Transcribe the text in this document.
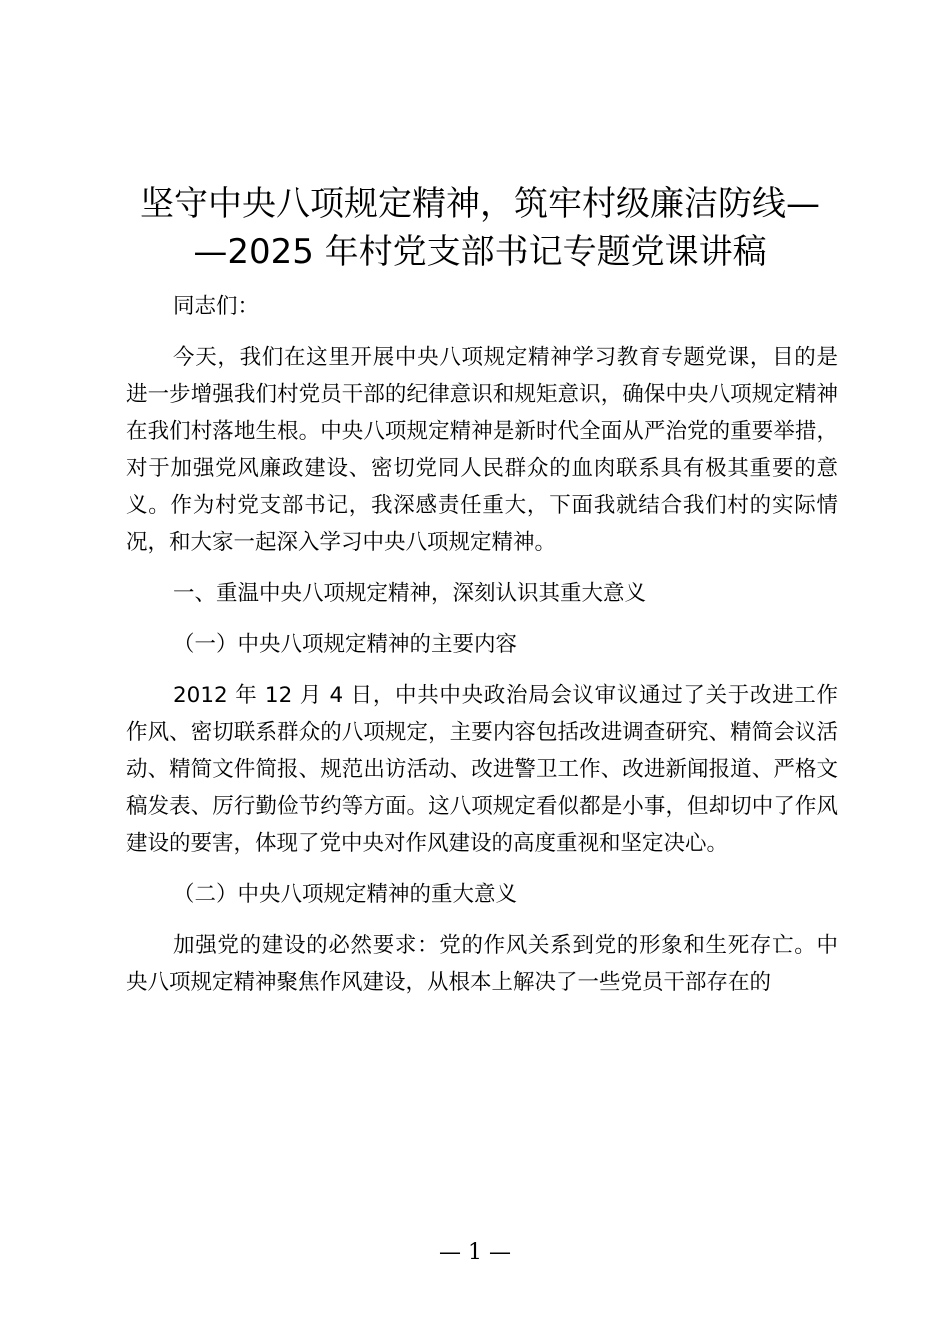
坚守中央八项规定精神，筑牢村级廉洁防线—
—2025 年村党支部书记专题党课讲稿

同志们：

今天，我们在这里开展中央八项规定精神学习教育专题党课，目的是进一步增强我们村党员干部的纪律意识和规矩意识，确保中央八项规定精神在我们村落地生根。中央八项规定精神是新时代全面从严治党的重要举措，对于加强党风廉政建设、密切党同人民群众的血肉联系具有极其重要的意义。作为村党支部书记，我深感责任重大，下面我就结合我们村的实际情况，和大家一起深入学习中央八项规定精神。

一、重温中央八项规定精神，深刻认识其重大意义

（一）中央八项规定精神的主要内容

2012 年 12 月 4 日，中共中央政治局会议审议通过了关于改进工作作风、密切联系群众的八项规定，主要内容包括改进调查研究、精简会议活动、精简文件简报、规范出访活动、改进警卫工作、改进新闻报道、严格文稿发表、厉行勤俭节约等方面。这八项规定看似都是小事，但却切中了作风建设的要害，体现了党中央对作风建设的高度重视和坚定决心。

（二）中央八项规定精神的重大意义

加强党的建设的必然要求：党的作风关系到党的形象和生死存亡。中央八项规定精神聚焦作风建设，从根本上解决了一些党员干部存在的

— 1 —
